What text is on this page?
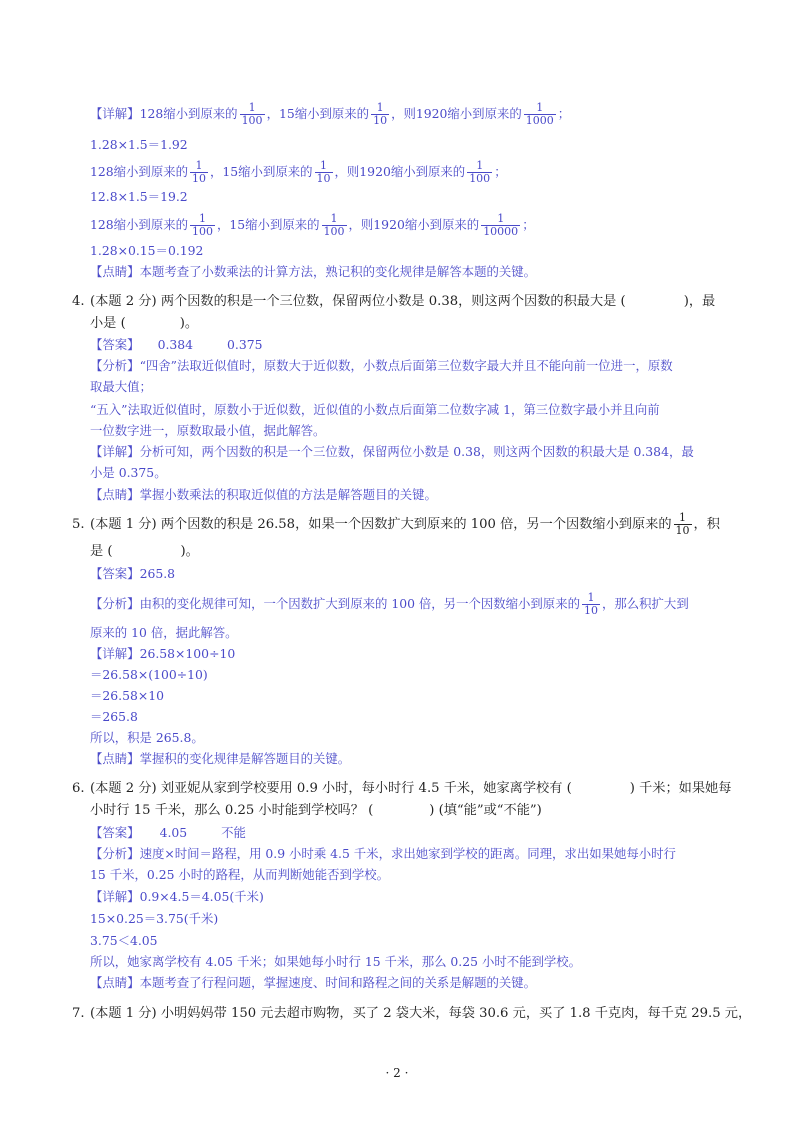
【详解】128缩小到原来的 $\frac{1}{100}$ ，15缩小到原来的 $\frac{1}{10}$ ，则1920缩小到原来的 $\frac{1}{1000}$ ；
1.28×1.5＝1.92
128缩小到原来的 $\frac{1}{10}$ ，15缩小到原来的 $\frac{1}{10}$ ，则1920缩小到原来的 $\frac{1}{100}$ ；
12.8×1.5＝19.2
128缩小到原来的 $\frac{1}{100}$ ，15缩小到原来的 $\frac{1}{100}$ ，则1920缩小到原来的 $\frac{1}{10000}$ ；
1.28×0.15＝0.192
【点睛】本题考查了小数乘法的计算方法，熟记积的变化规律是解答本题的关键。
4. (本题 2 分) 两个因数的积是一个三位数，保留两位小数是 0.38，则这两个因数的积最大是 (	)，最
小是 (	)。
【答案】 0.384	0.375
【分析】“四舍”法取近似值时，原数大于近似数，小数点后面第三位数字最大并且不能向前一位进一，原数
取最大值；
“五入”法取近似值时，原数小于近似数，近似值的小数点后面第二位数字减 1，第三位数字最小并且向前
一位数字进一，原数取最小值，据此解答。
【详解】分析可知，两个因数的积是一个三位数，保留两位小数是 0.38，则这两个因数的积最大是 0.384，最
小是 0.375。
【点睛】掌握小数乘法的积取近似值的方法是解答题目的关键。
5. (本题 1 分) 两个因数的积是 26.58，如果一个因数扩大到原来的 100 倍，另一个因数缩小到原来的 $\frac{1}{10}$ ，积
是 (	)。
【答案】265.8
【分析】由积的变化规律可知，一个因数扩大到原来的 100 倍，另一个因数缩小到原来的 $\frac{1}{10}$ ，那么积扩大到
原来的 10 倍，据此解答。
【详解】26.58×100÷10
＝26.58×(100÷10)
＝26.58×10
＝265.8
所以，积是 265.8。
【点睛】掌握积的变化规律是解答题目的关键。
6. (本题 2 分) 刘亚妮从家到学校要用 0.9 小时，每小时行 4.5 千米，她家离学校有 (	) 千米；如果她每
小时行 15 千米，那么 0.25 小时能到学校吗？ (	) (填“能”或“不能”)
【答案】 4.05	不能
【分析】速度×时间＝路程，用 0.9 小时乘 4.5 千米，求出她家到学校的距离。同理，求出如果她每小时行
15 千米，0.25 小时的路程，从而判断她能否到学校。
【详解】0.9×4.5＝4.05(千米)
15×0.25＝3.75(千米)
3.75＜4.05
所以，她家离学校有 4.05 千米；如果她每小时行 15 千米，那么 0.25 小时不能到学校。
【点睛】本题考查了行程问题，掌握速度、时间和路程之间的关系是解题的关键。
7. (本题 1 分) 小明妈妈带 150 元去超市购物，买了 2 袋大米，每袋 30.6 元，买了 1.8 千克肉，每千克 29.5 元，
· 2 ·
